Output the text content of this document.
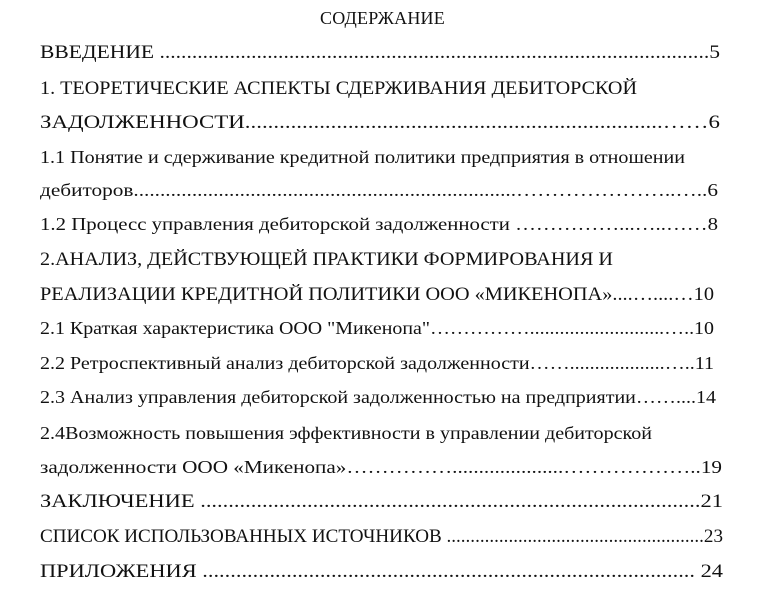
СОДЕРЖАНИЕ
ВВЕДЕНИЕ ......................................................................................................5
1. ТЕОРЕТИЧЕСКИЕ АСПЕКТЫ СДЕРЖИВАНИЯ ДЕБИТОРСКОЙ
ЗАДОЛЖЕННОСТИ.........................................................................……6
1.1 Понятие и сдерживание кредитной политики предприятия в отношении
дебиторов........................................................................…………………..…..6
1.2 Процесс управления дебиторской задолженности ……………...…..……8
2.АНАЛИЗ, ДЕЙСТВУЮЩЕЙ ПРАКТИКИ ФОРМИРОВАНИЯ И
РЕАЛИЗАЦИИ КРЕДИТНОЙ ПОЛИТИКИ ООО «МИКЕНОПА»....…....…10
2.1 Краткая характеристика ООО "Микенопа"……………...........................…..10
2.2 Ретроспективный анализ дебиторской задолженности……...................…..11
2.3 Анализ управления дебиторской задолженностью на предприятии……....14
2.4Возможность повышения эффективности в управлении дебиторской
задолженности ООО «Микенопа»…………….....................………………..19
ЗАКЛЮЧЕНИЕ .........................................................................................21
СПИСОК ИСПОЛЬЗОВАННЫХ ИСТОЧНИКОВ ......................................................23
ПРИЛОЖЕНИЯ ........................................................................................ 24
